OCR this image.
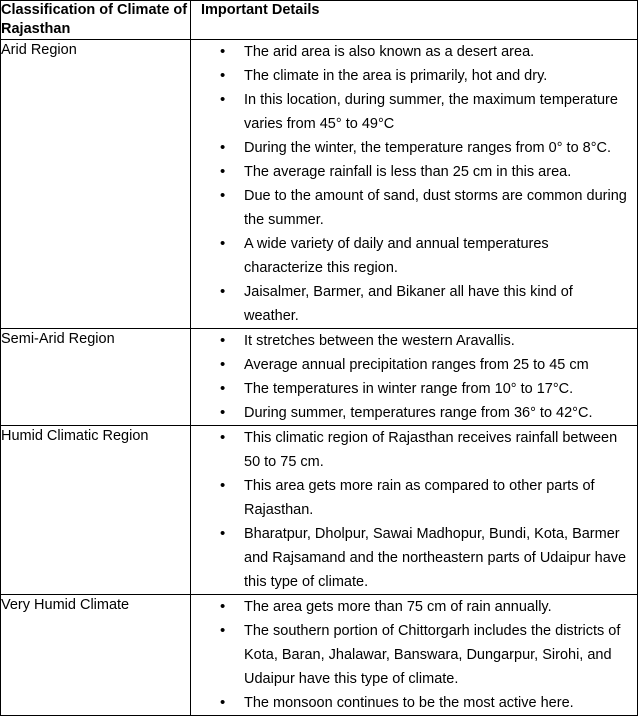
Classification of Climate of Rajasthan	Important Details
Arid Region	
•The arid area is also known as a desert area.
• The climate in the area is primarily, hot and dry.
• In this location, during summer, the maximum temperature varies from 45° to 49°C
• During the winter, the temperature ranges from 0° to 8°C.
• The average rainfall is less than 25 cm in this area.
• Due to the amount of sand, dust storms are common during the summer.
• A wide variety of daily and annual temperatures characterize this region.
• Jaisalmer, Barmer, and Bikaner all have this kind of weather.

Semi-Arid Region	
•It stretches between the western Aravallis.
• Average annual precipitation ranges from 25 to 45 cm
• The temperatures in winter range from 10° to 17°C.
• During summer, temperatures range from 36° to 42°C.

Humid Climatic Region	
•This climatic region of Rajasthan receives rainfall between 50 to 75 cm.
• This area gets more rain as compared to other parts of Rajasthan.
• Bharatpur, Dholpur, Sawai Madhopur, Bundi, Kota, Barmer and Rajsamand and the northeastern parts of Udaipur have this type of climate.

Very Humid Climate	
•The area gets more than 75 cm of rain annually.
• The southern portion of Chittorgarh includes the districts of Kota, Baran, Jhalawar, Banswara, Dungarpur, Sirohi, and Udaipur have this type of climate.
• The monsoon continues to be the most active here.
